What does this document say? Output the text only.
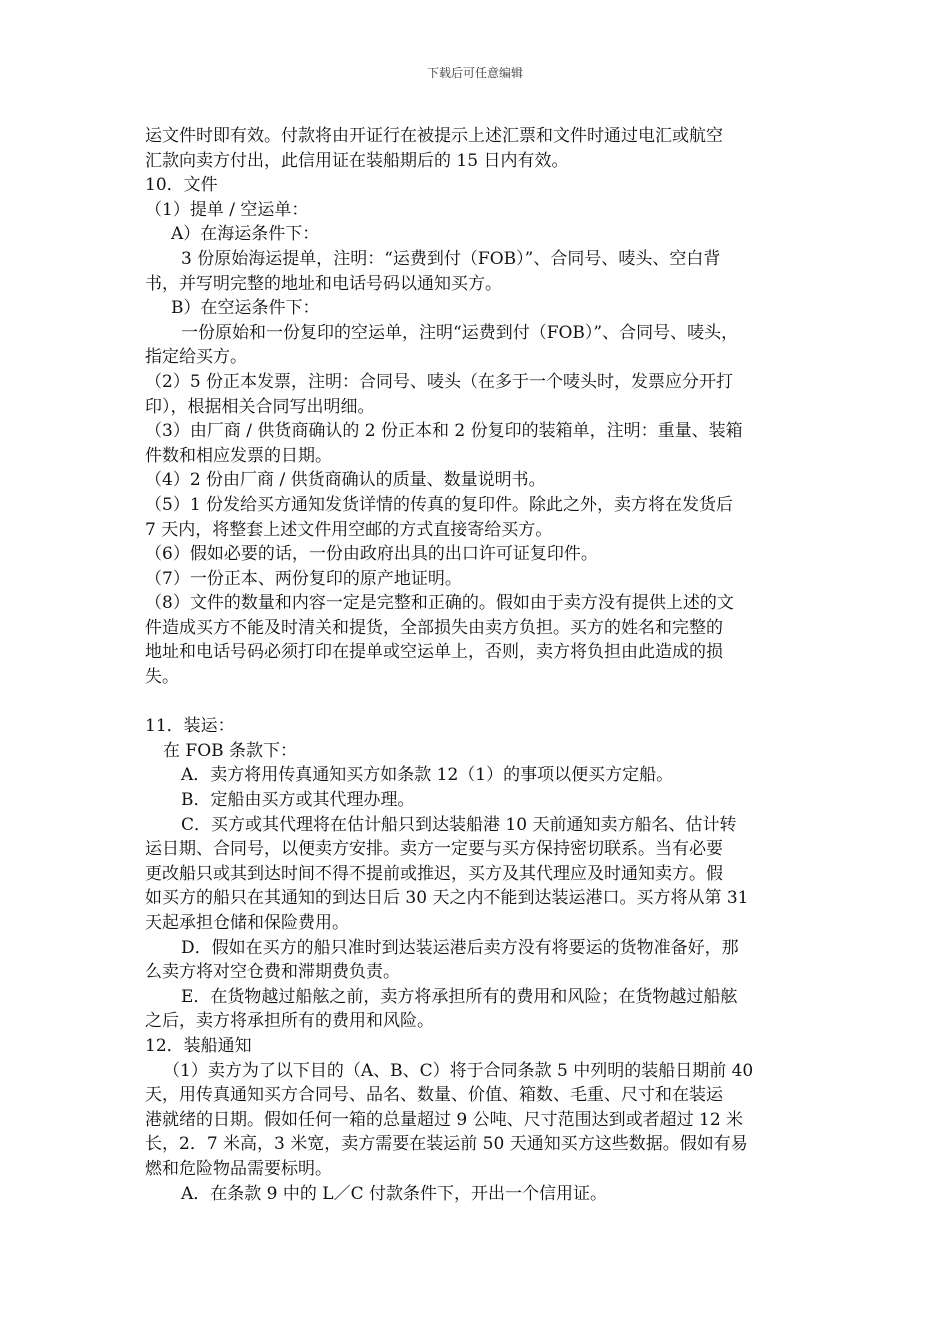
下载后可任意编辑
运文件时即有效。付款将由开证行在被提示上述汇票和文件时通过电汇或航空
汇款向卖方付出，此信用证在装船期后的 15 日内有效。
10．文件
（1）提单 / 空运单：
A）在海运条件下：
3 份原始海运提单，注明：“运费到付（FOB）”、合同号、唛头、空白背
书，并写明完整的地址和电话号码以通知买方。
B）在空运条件下：
一份原始和一份复印的空运单，注明“运费到付（FOB）”、合同号、唛头，
指定给买方。
（2）5 份正本发票，注明：合同号、唛头（在多于一个唛头时，发票应分开打
印），根据相关合同写出明细。
（3）由厂商 / 供货商确认的 2 份正本和 2 份复印的装箱单，注明：重量、装箱
件数和相应发票的日期。
（4）2 份由厂商 / 供货商确认的质量、数量说明书。
（5）1 份发给买方通知发货详情的传真的复印件。除此之外，卖方将在发货后
7 天内，将整套上述文件用空邮的方式直接寄给买方。
（6）假如必要的话，一份由政府出具的出口许可证复印件。
（7）一份正本、两份复印的原产地证明。
（8）文件的数量和内容一定是完整和正确的。假如由于卖方没有提供上述的文
件造成买方不能及时清关和提货，全部损失由卖方负担。买方的姓名和完整的
地址和电话号码必须打印在提单或空运单上，否则，卖方将负担由此造成的损
失。
11．装运：
在 FOB 条款下：
A．卖方将用传真通知买方如条款 12（1）的事项以便买方定船。
B．定船由买方或其代理办理。
C．买方或其代理将在估计船只到达装船港 10 天前通知卖方船名、估计转
运日期、合同号，以便卖方安排。卖方一定要与买方保持密切联系。当有必要
更改船只或其到达时间不得不提前或推迟，买方及其代理应及时通知卖方。假
如买方的船只在其通知的到达日后 30 天之内不能到达装运港口。买方将从第 31
天起承担仓储和保险费用。
D．假如在买方的船只准时到达装运港后卖方没有将要运的货物准备好，那
么卖方将对空仓费和滞期费负责。
E．在货物越过船舷之前，卖方将承担所有的费用和风险；在货物越过船舷
之后，卖方将承担所有的费用和风险。
12．装船通知
（1）卖方为了以下目的（A、B、C）将于合同条款 5 中列明的装船日期前 40
天，用传真通知买方合同号、品名、数量、价值、箱数、毛重、尺寸和在装运
港就绪的日期。假如任何一箱的总量超过 9 公吨、尺寸范围达到或者超过 12 米
长，2．7 米高，3 米宽，卖方需要在装运前 50 天通知买方这些数据。假如有易
燃和危险物品需要标明。
A．在条款 9 中的 L／C 付款条件下，开出一个信用证。
